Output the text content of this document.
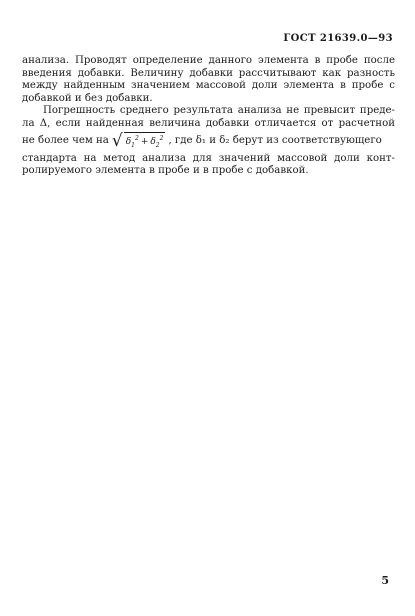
ГОСТ 21639.0—93
анализа. Проводят определение данного элемента в пробе после
введения добавки. Величину добавки рассчитывают как разность
между найденным значением массовой доли элемента в пробе с
добавкой и без добавки.
Погрешность среднего результата анализа не превысит преде-
ла Δ, если найденная величина добавки отличается от расчетной
не более чем на √ $\delta_1^2 + \delta_2^2$ , где δ₁ и δ₂ берут из соответствующего
стандарта на метод анализа для значений массовой доли конт-
ролируемого элемента в пробе и в пробе с добавкой.
5
